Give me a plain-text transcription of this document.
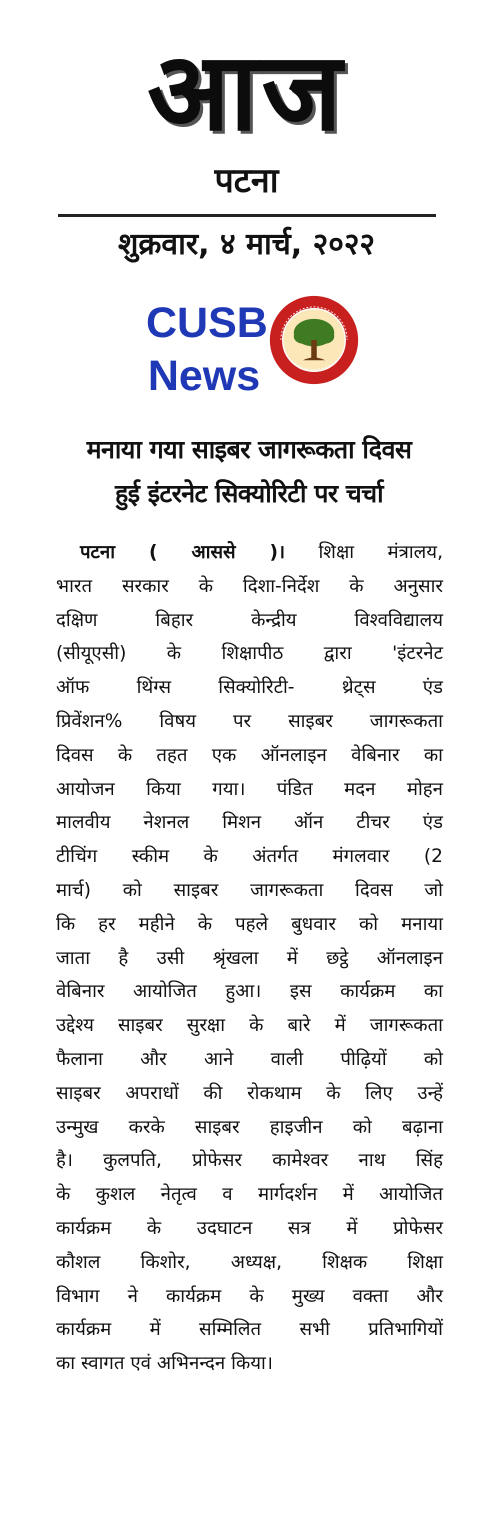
आज
पटना
शुक्रवार, ४ मार्च, २०२२
CUSB
News
मनाया गया साइबर जागरूकता दिवस
हुई इंटरनेट सिक्योरिटी पर चर्चा
पटना ( आससे )। शिक्षा मंत्रालय,
भारत सरकार के दिशा-निर्देश के अनुसार
दक्षिण बिहार केन्द्रीय विश्वविद्यालय
(सीयूएसी) के शिक्षापीठ द्वारा 'इंटरनेट
ऑफ थिंग्स सिक्योरिटी- थ्रेट्स एंड
प्रिवेंशन% विषय पर साइबर जागरूकता
दिवस के तहत एक ऑनलाइन वेबिनार का
आयोजन किया गया। पंडित मदन मोहन
मालवीय नेशनल मिशन ऑन टीचर एंड
टीचिंग स्कीम के अंतर्गत मंगलवार (2
मार्च) को साइबर जागरूकता दिवस जो
कि हर महीने के पहले बुधवार को मनाया
जाता है उसी श्रृंखला में छट्ठे ऑनलाइन
वेबिनार आयोजित हुआ। इस कार्यक्रम का
उद्देश्य साइबर सुरक्षा के बारे में जागरूकता
फैलाना और आने वाली पीढ़ियों को
साइबर अपराधों की रोकथाम के लिए उन्हें
उन्मुख करके साइबर हाइजीन को बढ़ाना
है। कुलपति, प्रोफेसर कामेश्वर नाथ सिंह
के कुशल नेतृत्व व मार्गदर्शन में आयोजित
कार्यक्रम के उदघाटन सत्र में प्रोफेसर
कौशल किशोर, अध्यक्ष, शिक्षक शिक्षा
विभाग ने कार्यक्रम के मुख्य वक्ता और
कार्यक्रम में सम्मिलित सभी प्रतिभागियों
का स्वागत एवं अभिनन्दन किया।
